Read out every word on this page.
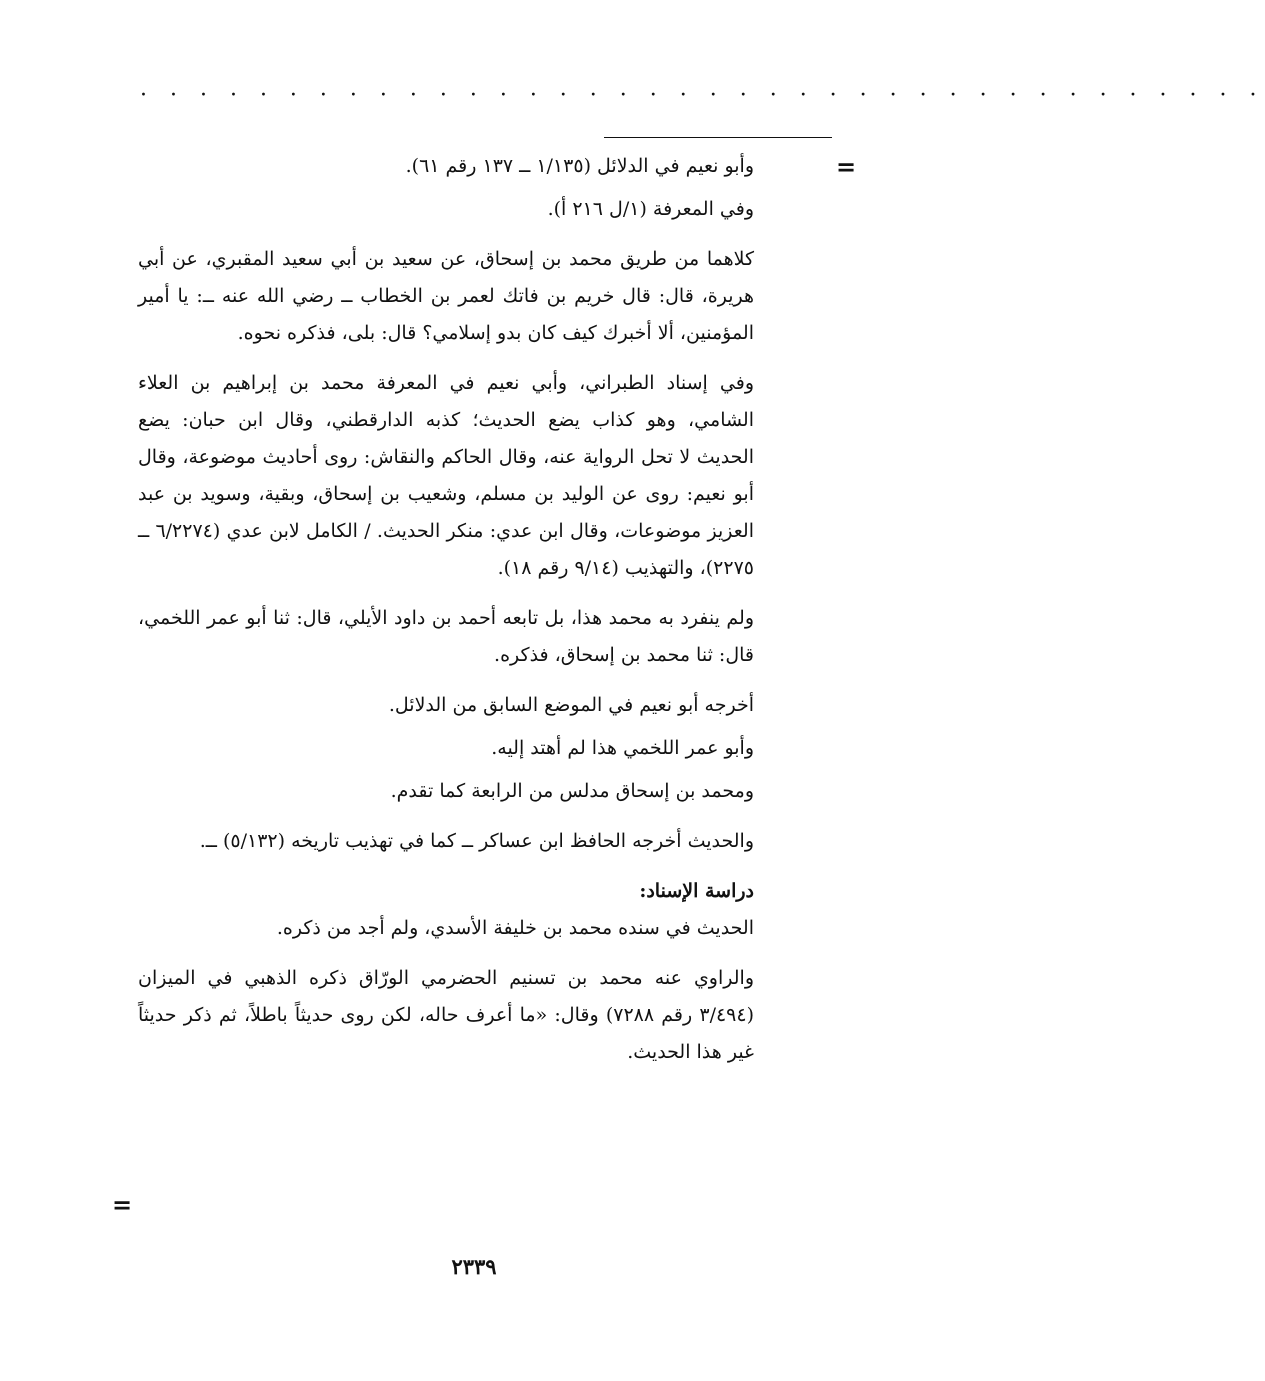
· · · · · · · · · · · · · · · · · · · · · · · · · · · · · · · · · · · · · ·
=

وأبو نعيم في الدلائل (١/١٣٥ ــ ١٣٧ رقم ٦١).

وفي المعرفة (١/ل ٢١٦ أ).

كلاهما من طريق محمد بن إسحاق، عن سعيد بن أبي سعيد المقبري، عن أبي هريرة، قال: قال خريم بن فاتك لعمر بن الخطاب ــ رضي الله عنه ــ: يا أمير المؤمنين، ألا أخبرك كيف كان بدو إسلامي؟ قال: بلى، فذكره نحوه.

وفي إسناد الطبراني، وأبي نعيم في المعرفة محمد بن إبراهيم بن العلاء الشامي، وهو كذاب يضع الحديث؛ كذبه الدارقطني، وقال ابن حبان: يضع الحديث لا تحل الرواية عنه، وقال الحاكم والنقاش: روى أحاديث موضوعة، وقال أبو نعيم: روى عن الوليد بن مسلم، وشعيب بن إسحاق، وبقية، وسويد بن عبد العزيز موضوعات، وقال ابن عدي: منكر الحديث. / الكامل لابن عدي (٦/٢٢٧٤ ــ ٢٢٧٥)، والتهذيب (٩/١٤ رقم ١٨).

ولم ينفرد به محمد هذا، بل تابعه أحمد بن داود الأيلي، قال: ثنا أبو عمر اللخمي، قال: ثنا محمد بن إسحاق، فذكره.

أخرجه أبو نعيم في الموضع السابق من الدلائل.

وأبو عمر اللخمي هذا لم أهتد إليه.

ومحمد بن إسحاق مدلس من الرابعة كما تقدم.

والحديث أخرجه الحافظ ابن عساكر ــ كما في تهذيب تاريخه (٥/١٣٢) ــ.

دراسة الإسناد:

الحديث في سنده محمد بن خليفة الأسدي، ولم أجد من ذكره.

والراوي عنه محمد بن تسنيم الحضرمي الورّاق ذكره الذهبي في الميزان (٣/٤٩٤ رقم ٧٢٨٨) وقال: «ما أعرف حاله، لكن روى حديثاً باطلاً، ثم ذكر حديثاً غير هذا الحديث.

=
٢٣٣٩
